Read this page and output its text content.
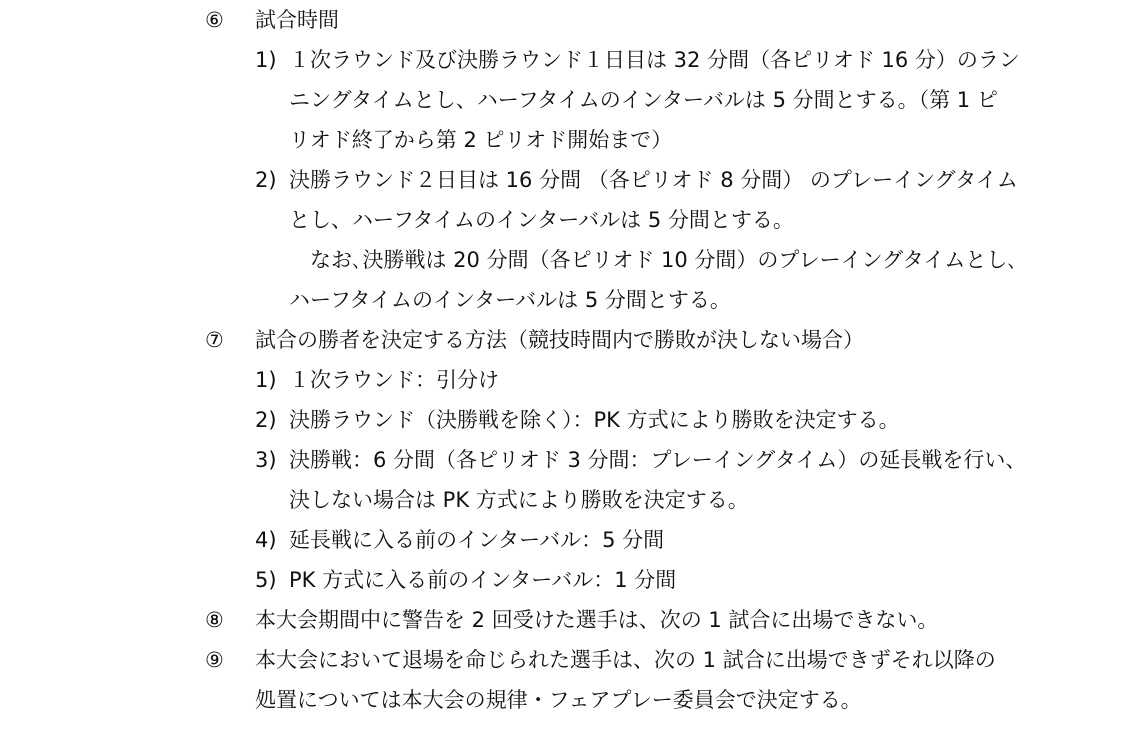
⑥ 試合時間
1) １次ラウンド及び決勝ラウンド１日目は 32 分間（各ピリオド 16 分）のラン
ニングタイムとし、ハーフタイムのインターバルは 5 分間とする。（第 1 ピ
リオド終了から第 2 ピリオド開始まで）
2) 決勝ラウンド２日目は 16 分間 （各ピリオド 8 分間） のプレーイングタイム
とし、ハーフタイムのインターバルは 5 分間とする。
なお､決勝戦は 20 分間（各ピリオド 10 分間）のプレーイングタイムとし､
ハーフタイムのインターバルは 5 分間とする。
⑦ 試合の勝者を決定する方法（競技時間内で勝敗が決しない場合）
1) １次ラウンド：引分け
2) 決勝ラウンド（決勝戦を除く）：PK 方式により勝敗を決定する。
3) 決勝戦：6 分間（各ピリオド 3 分間：プレーイングタイム）の延長戦を行い、
決しない場合は PK 方式により勝敗を決定する。
4) 延長戦に入る前のインターバル：5 分間
5) PK 方式に入る前のインターバル：1 分間
⑧ 本大会期間中に警告を 2 回受けた選手は、次の 1 試合に出場できない。
⑨ 本大会において退場を命じられた選手は、次の 1 試合に出場できずそれ以降の
処置については本大会の規律・フェアプレー委員会で決定する。
